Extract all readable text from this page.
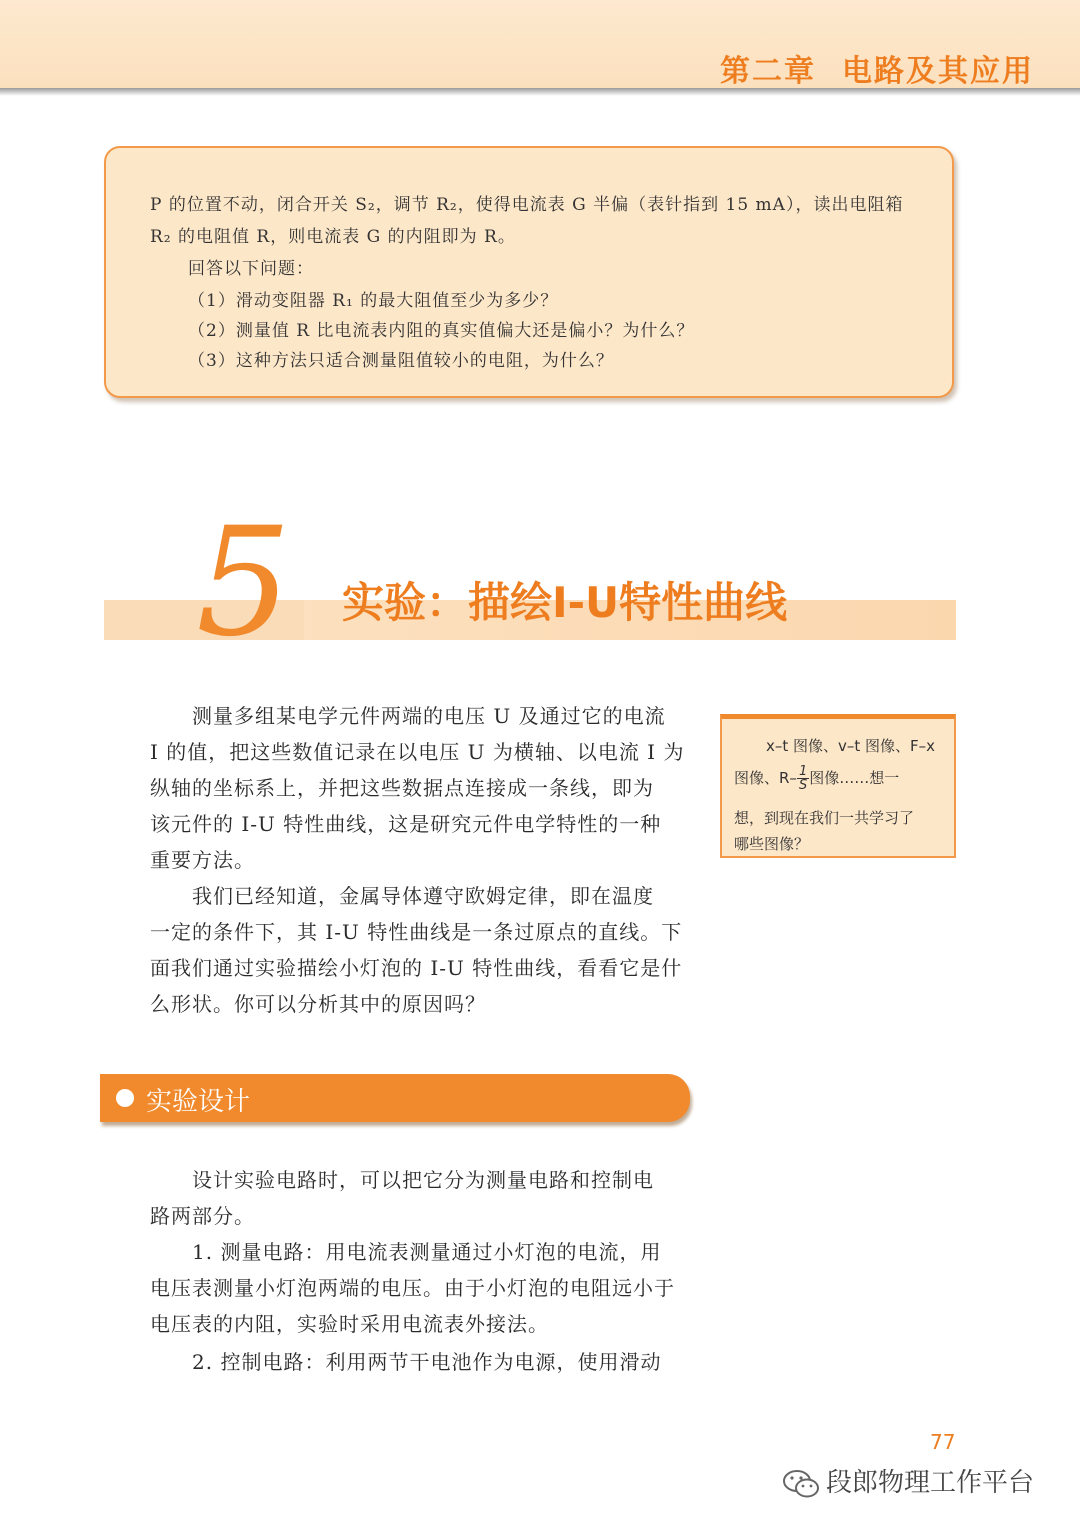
第二章 电路及其应用

P 的位置不动，闭合开关 S₂，调节 R₂，使得电流表 G 半偏（表针指到 15 mA），读出电阻箱

R₂ 的电阻值 R，则电流表 G 的内阻即为 R。

回答以下问题：

（1）滑动变阻器 R₁ 的最大阻值至少为多少？

（2）测量值 R 比电流表内阻的真实值偏大还是偏小？为什么？

（3）这种方法只适合测量阻值较小的电阻，为什么？

5 实验：描绘I-U特性曲线
　　测量多组某电学元件两端的电压 U 及通过它的电流
I 的值，把这些数值记录在以电压 U 为横轴、以电流 I 为
纵轴的坐标系上，并把这些数据点连接成一条线，即为
该元件的 I-U 特性曲线，这是研究元件电学特性的一种
重要方法。
　　我们已经知道，金属导体遵守欧姆定律，即在温度
一定的条件下，其 I-U 特性曲线是一条过原点的直线。下
面我们通过实验描绘小灯泡的 I-U 特性曲线，看看它是什
么形状。你可以分析其中的原因吗？
x–t 图像、v–t 图像、F–x
图像、$R- \frac{1}{S}$ 图像……想一
想，到现在我们一共学习了
哪些图像？
实验设计
　　设计实验电路时，可以把它分为测量电路和控制电
路两部分。
　　1. 测量电路：用电流表测量通过小灯泡的电流，用
电压表测量小灯泡两端的电压。由于小灯泡的电阻远小于
电压表的内阻，实验时采用电流表外接法。
　　2. 控制电路：利用两节干电池作为电源，使用滑动
77
段郎物理工作平台
